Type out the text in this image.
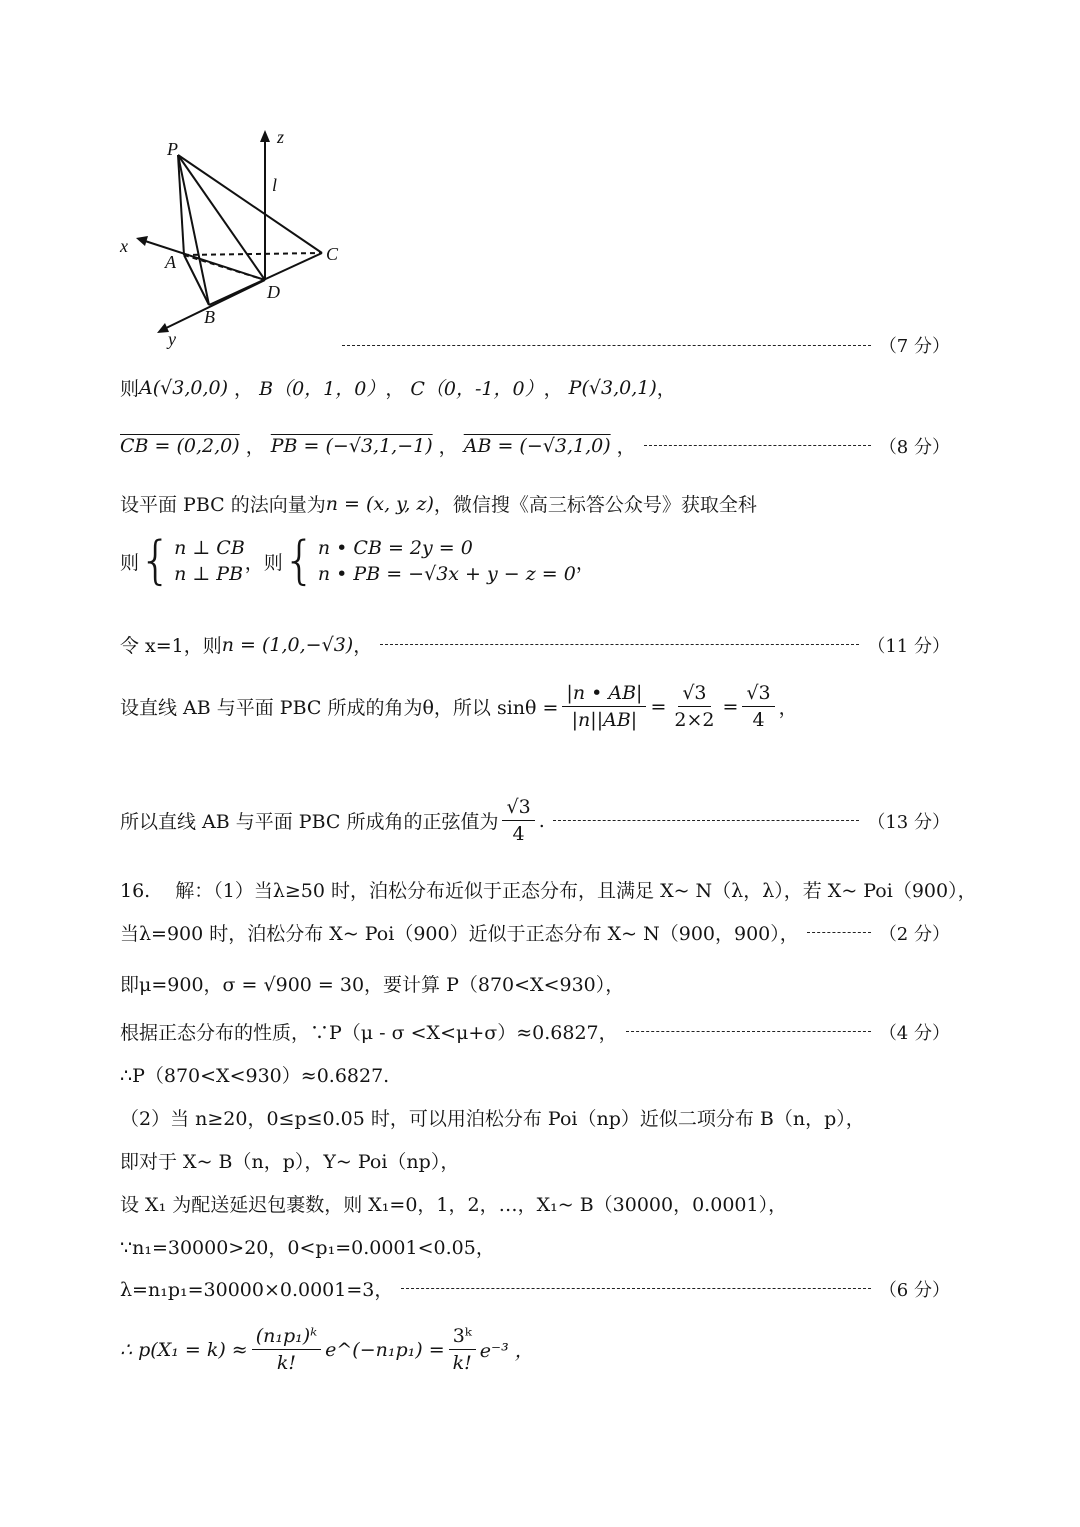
P
x
A
B
y
C
D
z
l
（7 分）
则 A(√3,0,0) ， B（0，1，0） ， C（0，-1，0） ， P(√3,0,1) ，
CB = (0,2,0) ， PB = (−√3,1,−1) ， AB = (−√3,1,0) ，	（8 分）
设平面 PBC 的法向量为 n = (x, y, z) ，微信搜《高三标答公众号》获取全科
则 { n ⊥ CB
n ⊥ PB
，则 { n • CB = 2y = 0
n • PB = −√3x + y − z = 0
，
令 x=1，则 n = (1,0,−√3) ，	（11 分）
设直线 AB 与平面 PBC 所成的角为θ，所以 $\sin\theta = \frac{|n • AB|}{|n||AB|} = \frac{√3}{2\times 2} = \frac{√3}{4}$ ，
所以直线 AB 与平面 PBC 所成角的正弦值为 $\frac{√3}{4}$ .	（13 分）
16.　 解：（1）当λ≥50 时，泊松分布近似于正态分布，且满足 X~ N（λ，λ），若 X~ Poi（900），
当λ=900 时，泊松分布 X~ Poi（900）近似于正态分布 X~ N（900，900），	（2 分）
即μ=900，σ = √900 = 30，要计算 P（870<X<930），
根据正态分布的性质，∵P（μ - σ <X<μ+σ）≈0.6827，	（4 分）
∴P（870<X<930）≈0.6827.
（2）当 n≥20，0≤p≤0.05 时，可以用泊松分布 Poi（np）近似二项分布 B（n，p），
即对于 X~ B（n，p），Y~ Poi（np），
设 X₁ 为配送延迟包裹数，则 X₁=0，1，2，…，X₁~ B（30000，0.0001），
∵n₁=30000>20，0<p₁=0.0001<0.05，
λ=n₁p₁=30000×0.0001=3，	（6 分）
∴ $p(X_1 = k) \approx \frac{\text{(n₁p₁)ᵏ}}{k!}$ e^(−n₁p₁) = $\frac{\text{3ᵏ}}{k!} e^{-3}$ ，
